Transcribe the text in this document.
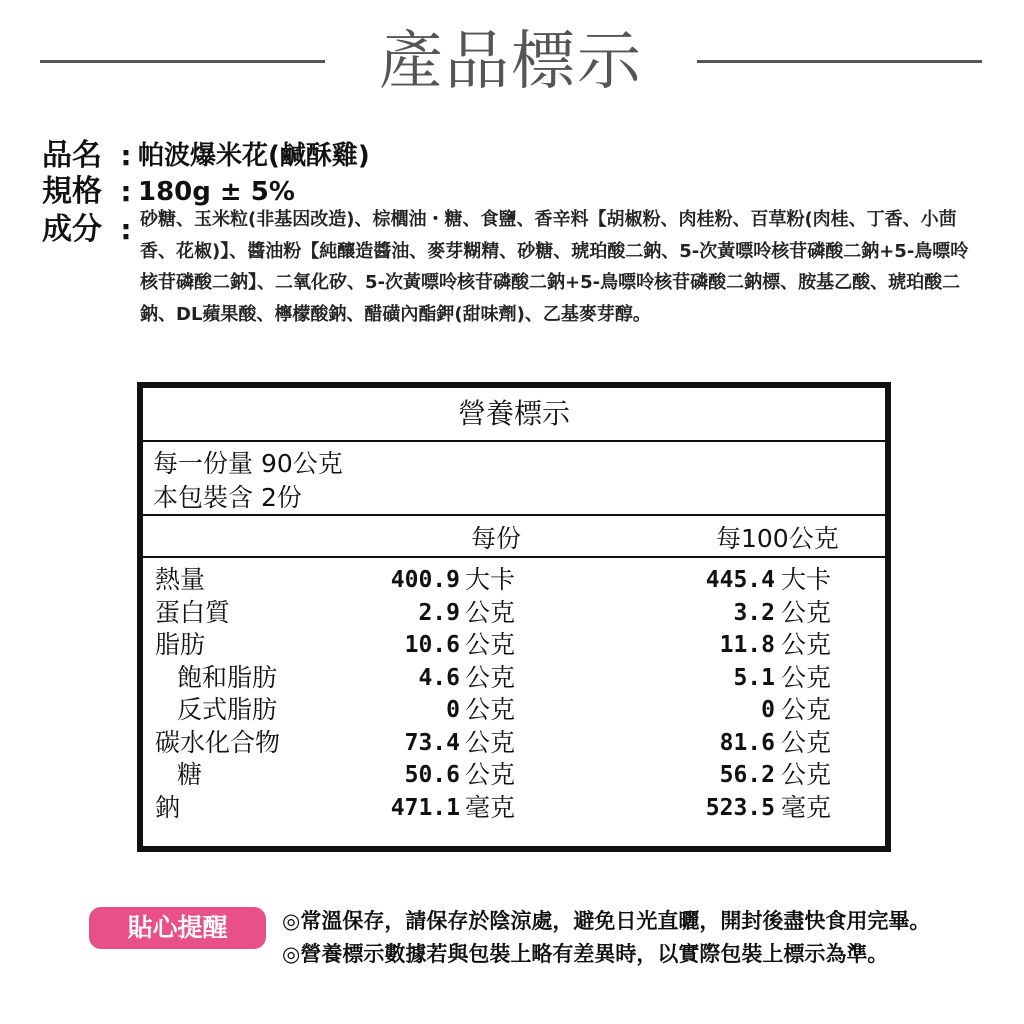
產品標示
品名 : 帕波爆米花(鹹酥雞)
規格 : 180g ± 5%
成分 : 砂糖、玉米粒(非基因改造)、棕櫚油・糖、食鹽、香辛料【胡椒粉、肉桂粉、百草粉(肉桂、丁香、小茴香、花椒)】、醬油粉【純釀造醬油、麥芽糊精、砂糖、琥珀酸二鈉、5-次黃嘌呤核苷磷酸二鈉+5-鳥嘌呤核苷磷酸二鈉】、二氧化矽、5-次黃嘌呤核苷磷酸二鈉+5-鳥嘌呤核苷磷酸二鈉標、胺基乙酸、琥珀酸二鈉、DL蘋果酸、檸檬酸鈉、醋磺內酯鉀(甜味劑)、乙基麥芽醇。
營養標示
每一份量 90公克
本包裝含 2份
每份	每100公克
熱量	400.9 大卡	445.4 大卡
蛋白質	2.9 公克	3.2 公克
脂肪	10.6 公克	11.8 公克
飽和脂肪	4.6 公克	5.1 公克
反式脂肪	0 公克	0 公克
碳水化合物	73.4 公克	81.6 公克
糖	50.6 公克	56.2 公克
鈉	471.1 毫克	523.5 毫克
貼心提醒	◎常溫保存，請保存於陰涼處，避免日光直曬，開封後盡快食用完畢。
◎營養標示數據若與包裝上略有差異時，以實際包裝上標示為準。
